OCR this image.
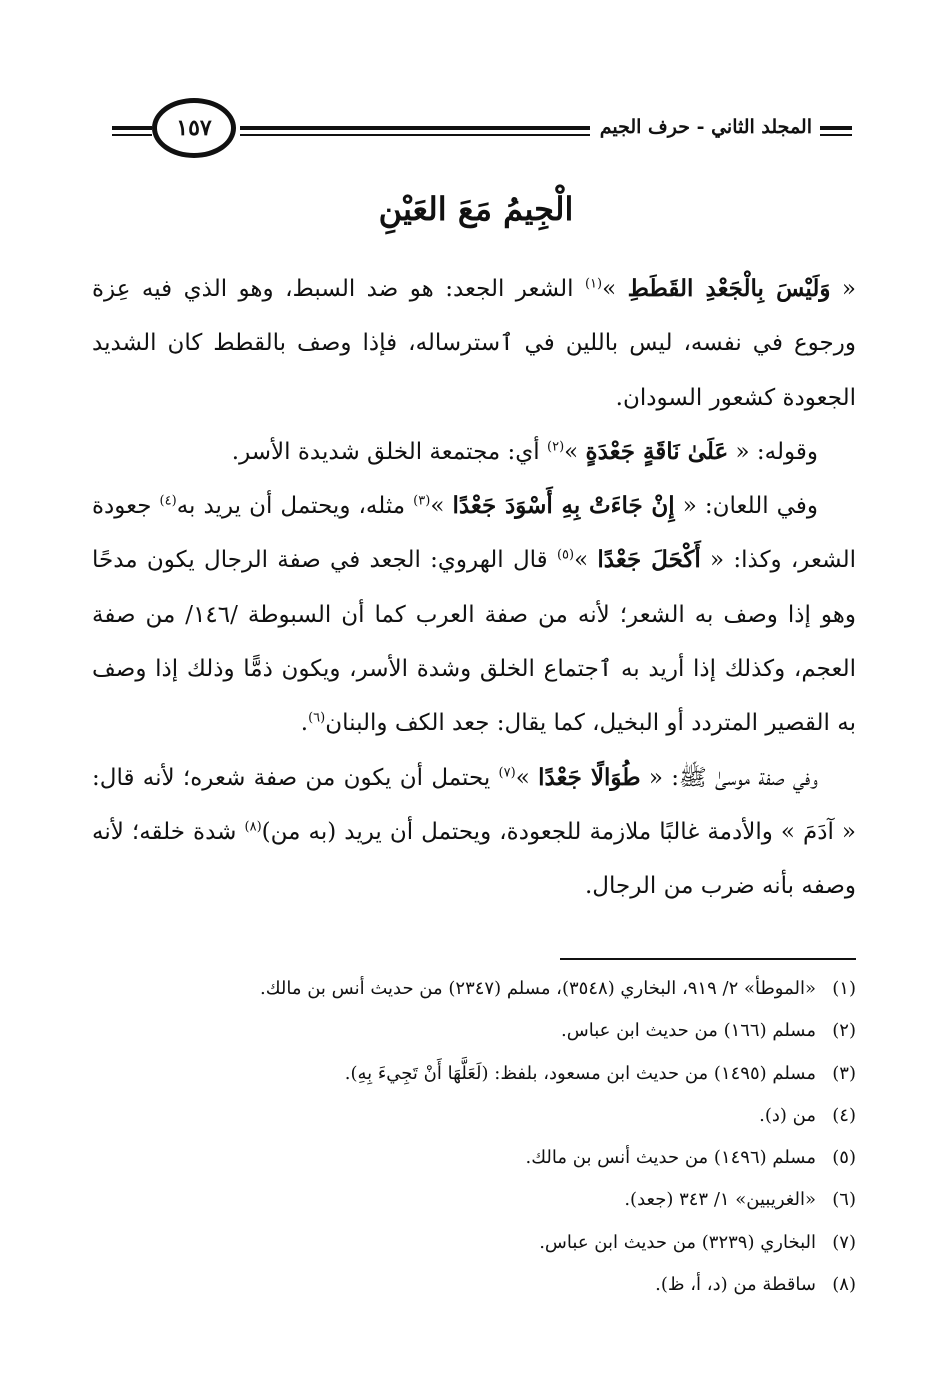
المجلد الثاني - حرف الجيم
١٥٧
الْجِيمُ مَعَ العَيْنِ

« وَلَيْسَ بِالْجَعْدِ القَطَطِ »$^{(١)}$ الشعر الجعد: هو ضد السبط، وهو الذي فيه عِزة ورجوع في نفسه، ليس باللين في ٱسترساله، فإذا وصف بالقطط كان الشديد الجعودة كشعور السودان.

وقوله: « عَلَىٰ نَاقَةٍ جَعْدَةٍ »$^{(٢)}$ أي: مجتمعة الخلق شديدة الأسر.

وفي اللعان: « إِنْ جَاءَتْ بِهِ أَسْوَدَ جَعْدًا »$^{(٣)}$ مثله، ويحتمل أن يريد به$^{(٤)}$ جعودة الشعر، وكذا: « أَكْحَلَ جَعْدًا »$^{(٥)}$ قال الهروي: الجعد في صفة الرجال يكون مدحًا وهو إذا وصف به الشعر؛ لأنه من صفة العرب كما أن السبوطة /١٤٦/ من صفة العجم، وكذلك إذا أريد به ٱجتماع الخلق وشدة الأسر، ويكون ذمًّا وذلك إذا وصف به القصير المتردد أو البخيل، كما يقال: جعد الكف والبنان$^{(٦)}$.

وفي صفة موسىٰ ﷺ: « طُوَالًا جَعْدًا »$^{(٧)}$ يحتمل أن يكون من صفة شعره؛ لأنه قال: « آدَمَ » والأدمة غالبًا ملازمة للجعودة، ويحتمل أن يريد (به من)$^{(٨)}$ شدة خلقه؛ لأنه وصفه بأنه ضرب من الرجال.

(١)«الموطأ» ٢/ ٩١٩، البخاري (٣٥٤٨)، مسلم (٢٣٤٧) من حديث أنس بن مالك.
(٢)مسلم (١٦٦) من حديث ابن عباس.
(٣)مسلم (١٤٩٥) من حديث ابن مسعود، بلفظ: (لَعَلَّهَا أَنْ تَجِيءَ بِهِ).
(٤)من (د).
(٥)مسلم (١٤٩٦) من حديث أنس بن مالك.
(٦)«الغريبين» ١/ ٣٤٣ (جعد).
(٧)البخاري (٣٢٣٩) من حديث ابن عباس.
(٨)ساقطة من (د، أ، ظ).
